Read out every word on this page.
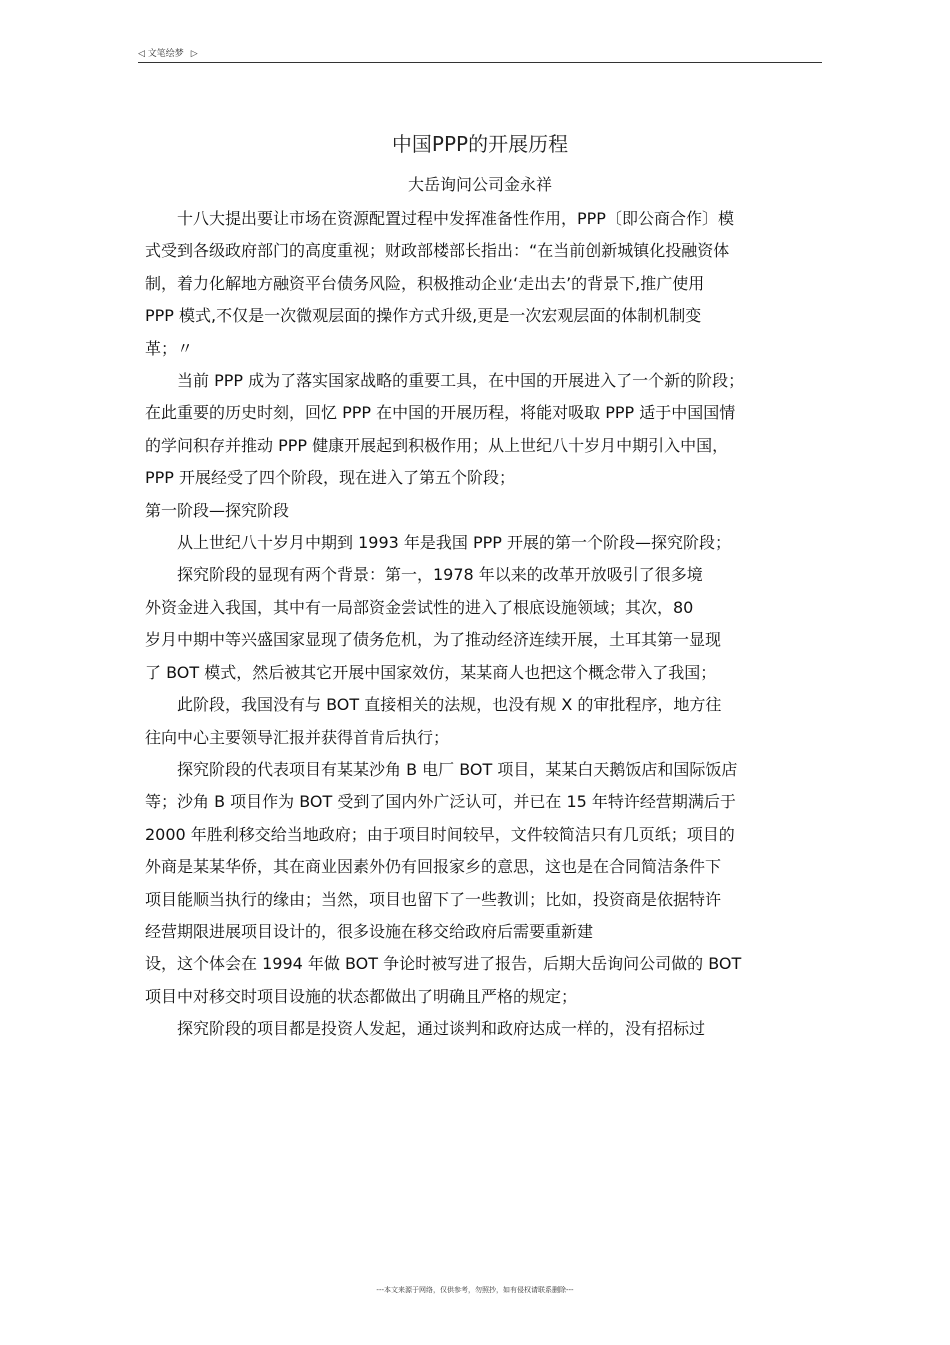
◁ 文笔绘梦 ▷
中国PPP的开展历程
大岳询问公司金永祥

　　十八大提出要让市场在资源配置过程中发挥准备性作用，PPP〔即公商合作〕模

式受到各级政府部门的高度重视；财政部楼部长指出：“在当前创新城镇化投融资体

制，着力化解地方融资平台债务风险，积极推动企业‘走出去’的背景下,推广使用

PPP 模式,不仅是一次微观层面的操作方式升级,更是一次宏观层面的体制机制变

革；〃

　　当前 PPP 成为了落实国家战略的重要工具，在中国的开展进入了一个新的阶段；

在此重要的历史时刻，回忆 PPP 在中国的开展历程，将能对吸取 PPP 适于中国国情

的学问积存并推动 PPP 健康开展起到积极作用；从上世纪八十岁月中期引入中国，

PPP 开展经受了四个阶段，现在进入了第五个阶段；

第一阶段—探究阶段

　　从上世纪八十岁月中期到 1993 年是我国 PPP 开展的第一个阶段—探究阶段；

　　探究阶段的显现有两个背景：第一，1978 年以来的改革开放吸引了很多境

外资金进入我国，其中有一局部资金尝试性的进入了根底设施领域；其次，80

岁月中期中等兴盛国家显现了债务危机，为了推动经济连续开展，土耳其第一显现

了 BOT 模式，然后被其它开展中国家效仿，某某商人也把这个概念带入了我国；

　　此阶段，我国没有与 BOT 直接相关的法规，也没有规 X 的审批程序，地方往

往向中心主要领导汇报并获得首肯后执行；

　　探究阶段的代表项目有某某沙角 B 电厂 BOT 项目，某某白天鹅饭店和国际饭店

等；沙角 B 项目作为 BOT 受到了国内外广泛认可，并已在 15 年特许经营期满后于

2000 年胜利移交给当地政府；由于项目时间较早，文件较简洁只有几页纸；项目的

外商是某某华侨，其在商业因素外仍有回报家乡的意思，这也是在合同简洁条件下

项目能顺当执行的缘由；当然，项目也留下了一些教训；比如，投资商是依据特许

经营期限进展项目设计的，很多设施在移交给政府后需要重新建

设，这个体会在 1994 年做 BOT 争论时被写进了报告，后期大岳询问公司做的 BOT

项目中对移交时项目设施的状态都做出了明确且严格的规定；

　　探究阶段的项目都是投资人发起，通过谈判和政府达成一样的，没有招标过

---本文来源于网络，仅供参考，勿照抄，如有侵权请联系删除---
